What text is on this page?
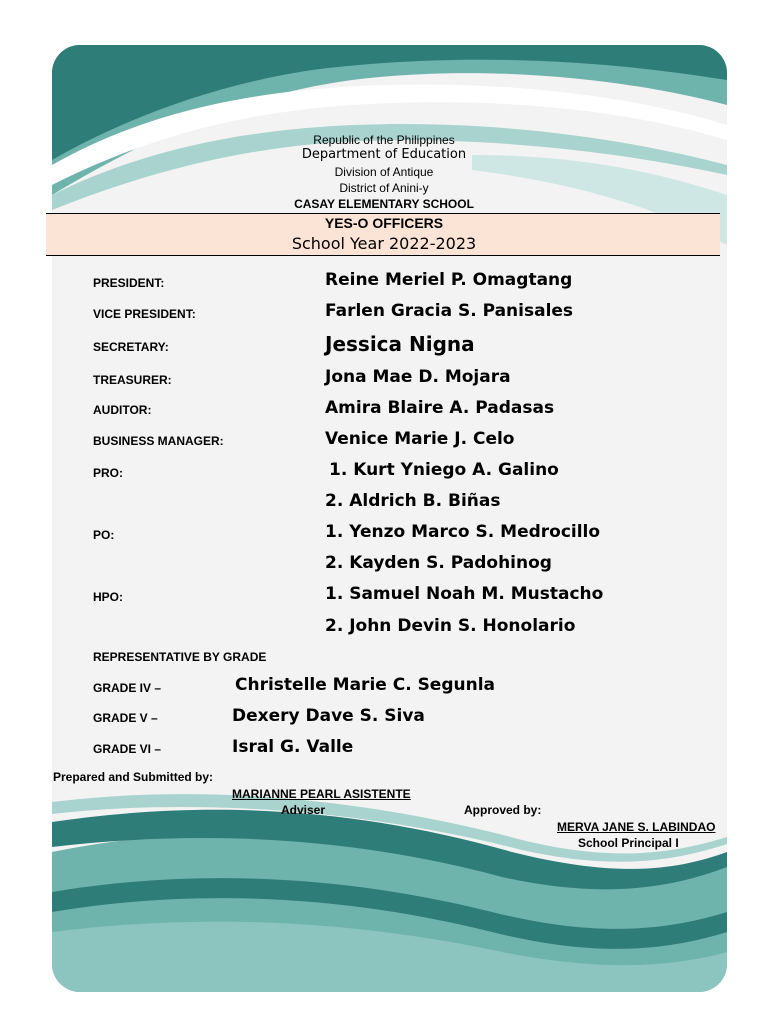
Republic of the Philippines
Department of Education
Division of Antique
District of Anini-y
CASAY ELEMENTARY SCHOOL
YES-O OFFICERS
School Year 2022-2023
PRESIDENT:	Reine Meriel P. Omagtang
VICE PRESIDENT:	Farlen Gracia S. Panisales
SECRETARY:	Jessica Nigna
TREASURER:	Jona Mae D. Mojara
AUDITOR:	Amira Blaire A. Padasas
BUSINESS MANAGER:	Venice Marie J. Celo
PRO:	1. Kurt Yniego A. Galino
2. Aldrich B. Biñas
PO:	1. Yenzo Marco S. Medrocillo
2. Kayden S. Padohinog
HPO:	1. Samuel Noah M. Mustacho
2. John Devin S. Honolario
REPRESENTATIVE BY GRADE
GRADE IV –	Christelle Marie C. Segunla
GRADE V –	Dexery Dave S. Siva
GRADE VI –	Isral G. Valle
Prepared and Submitted by:
MARIANNE PEARL ASISTENTE
Adviser	Approved by:
MERVA JANE S. LABINDAO
School Principal I
